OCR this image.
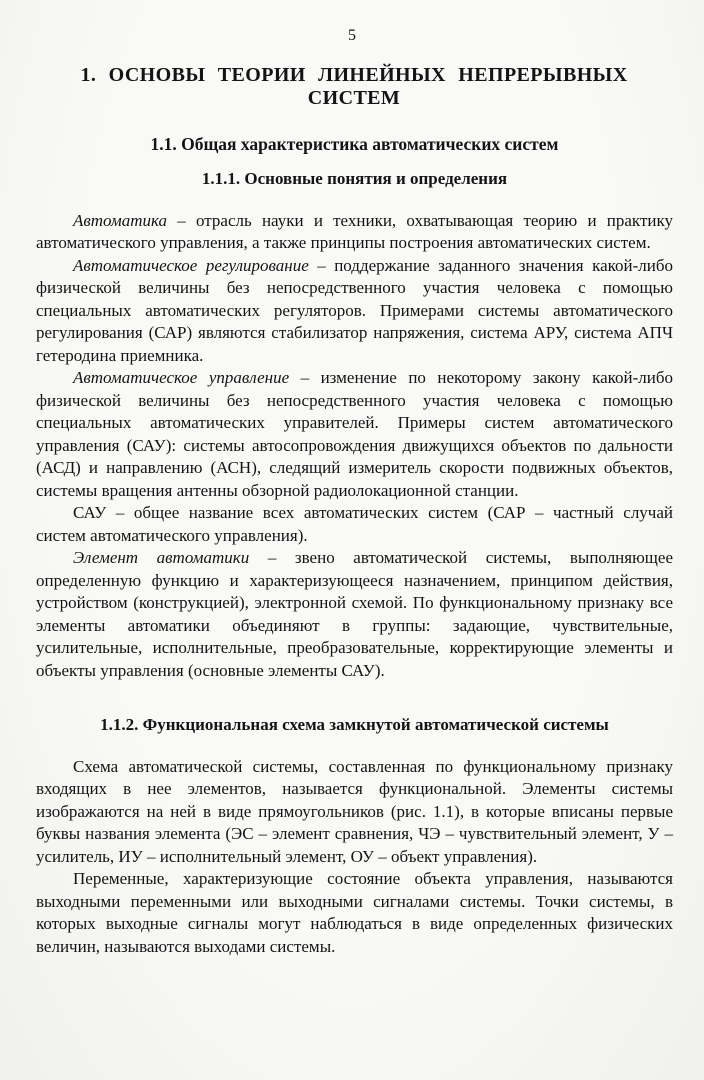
5
1. ОСНОВЫ ТЕОРИИ ЛИНЕЙНЫХ НЕПРЕРЫВНЫХ СИСТЕМ
1.1. Общая характеристика автоматических систем
1.1.1. Основные понятия и определения

Автоматика – отрасль науки и техники, охватывающая теорию и практику автоматического управления, а также принципы построения автоматических систем.

Автоматическое регулирование – поддержание заданного значения какой-либо физической величины без непосредственного участия человека с помощью специальных автоматических регуляторов. Примерами системы автоматического регулирования (САР) являются стабилизатор напряжения, система АРУ, система АПЧ гетеродина приемника.

Автоматическое управление – изменение по некоторому закону какой-либо физической величины без непосредственного участия человека с помощью специальных автоматических управителей. Примеры систем автоматического управления (САУ): системы автосопровождения движущихся объектов по дальности (АСД) и направлению (АСН), следящий измеритель скорости подвижных объектов, системы вращения антенны обзорной радиолокационной станции.

САУ – общее название всех автоматических систем (САР – частный случай систем автоматического управления).

Элемент автоматики – звено автоматической системы, выполняющее определенную функцию и характеризующееся назначением, принципом действия, устройством (конструкцией), электронной схемой. По функциональному признаку все элементы автоматики объединяют в группы: задающие, чувствительные, усилительные, исполнительные, преобразовательные, корректирующие элементы и объекты управления (основные элементы САУ).

1.1.2. Функциональная схема замкнутой автоматической системы

Схема автоматической системы, составленная по функциональному признаку входящих в нее элементов, называется функциональной. Элементы системы изображаются на ней в виде прямоугольников (рис. 1.1), в которые вписаны первые буквы названия элемента (ЭС – элемент сравнения, ЧЭ – чувствительный элемент, У – усилитель, ИУ – исполнительный элемент, ОУ – объект управления).

Переменные, характеризующие состояние объекта управления, называются выходными переменными или выходными сигналами системы. Точки системы, в которых выходные сигналы могут наблюдаться в виде определенных физических величин, называются выходами системы.
